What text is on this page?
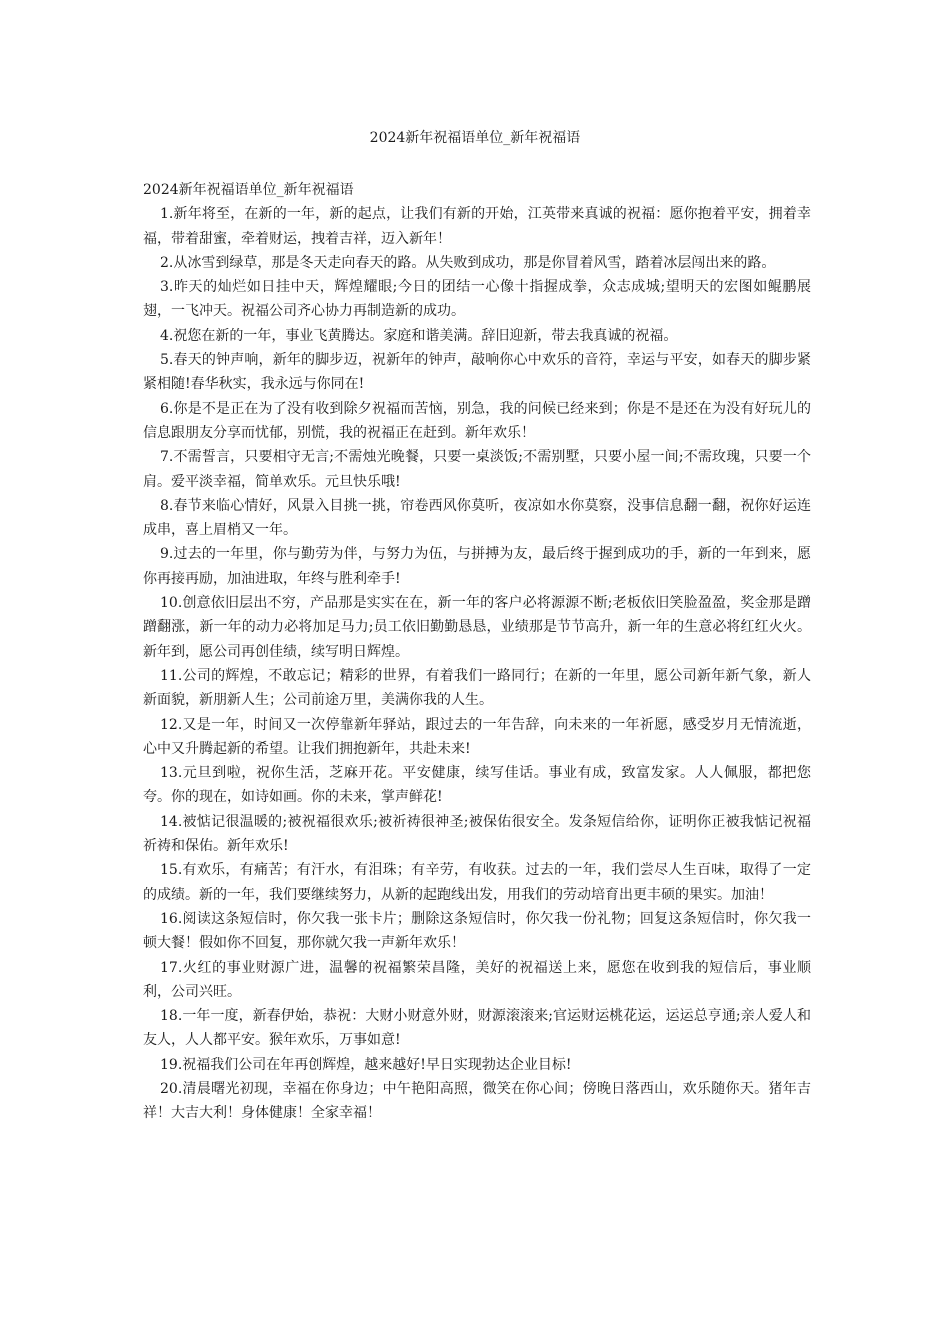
2024新年祝福语单位_新年祝福语

2024新年祝福语单位_新年祝福语

1.新年将至，在新的一年，新的起点，让我们有新的开始，江英带来真诚的祝福：愿你抱着平安，拥着幸福，带着甜蜜，牵着财运，拽着吉祥，迈入新年！

2.从冰雪到绿草，那是冬天走向春天的路。从失败到成功，那是你冒着风雪，踏着冰层闯出来的路。

3.昨天的灿烂如日挂中天，辉煌耀眼;今日的团结一心像十指握成拳，众志成城;望明天的宏图如鲲鹏展翅，一飞冲天。祝福公司齐心协力再制造新的成功。

4.祝您在新的一年，事业飞黄腾达。家庭和谐美满。辞旧迎新，带去我真诚的祝福。

5.春天的钟声响，新年的脚步迈，祝新年的钟声，敲响你心中欢乐的音符，幸运与平安，如春天的脚步紧紧相随!春华秋实，我永远与你同在!

6.你是不是正在为了没有收到除夕祝福而苦恼，别急，我的问候已经来到；你是不是还在为没有好玩儿的信息跟朋友分享而忧郁，别慌，我的祝福正在赶到。新年欢乐！

7.不需誓言，只要相守无言;不需烛光晚餐，只要一桌淡饭;不需别墅，只要小屋一间;不需玫瑰，只要一个肩。爱平淡幸福，简单欢乐。元旦快乐哦!

8.春节来临心情好，风景入目挑一挑，帘卷西风你莫听，夜凉如水你莫察，没事信息翻一翻，祝你好运连成串，喜上眉梢又一年。

9.过去的一年里，你与勤劳为伴，与努力为伍，与拼搏为友，最后终于握到成功的手，新的一年到来，愿你再接再励，加油进取，年终与胜利牵手!

10.创意依旧层出不穷，产品那是实实在在，新一年的客户必将源源不断;老板依旧笑脸盈盈，奖金那是蹭蹭翻涨，新一年的动力必将加足马力;员工依旧勤勤恳恳，业绩那是节节高升，新一年的生意必将红红火火。新年到，愿公司再创佳绩，续写明日辉煌。

11.公司的辉煌，不敢忘记；精彩的世界，有着我们一路同行；在新的一年里，愿公司新年新气象，新人新面貌，新朋新人生；公司前途万里，美满你我的人生。

12.又是一年，时间又一次停靠新年驿站，跟过去的一年告辞，向未来的一年祈愿，感受岁月无情流逝，心中又升腾起新的希望。让我们拥抱新年，共赴未来!

13.元旦到啦，祝你生活，芝麻开花。平安健康，续写佳话。事业有成，致富发家。人人佩服，都把您夸。你的现在，如诗如画。你的未来，掌声鲜花!

14.被惦记很温暖的;被祝福很欢乐;被祈祷很神圣;被保佑很安全。发条短信给你，证明你正被我惦记祝福祈祷和保佑。新年欢乐!

15.有欢乐，有痛苦；有汗水，有泪珠；有辛劳，有收获。过去的一年，我们尝尽人生百味，取得了一定的成绩。新的一年，我们要继续努力，从新的起跑线出发，用我们的劳动培育出更丰硕的果实。加油！

16.阅读这条短信时，你欠我一张卡片；删除这条短信时，你欠我一份礼物；回复这条短信时，你欠我一顿大餐！假如你不回复，那你就欠我一声新年欢乐！

17.火红的事业财源广进，温馨的祝福繁荣昌隆，美好的祝福送上来，愿您在收到我的短信后，事业顺利，公司兴旺。

18.一年一度，新春伊始，恭祝：大财小财意外财，财源滚滚来;官运财运桃花运，运运总亨通;亲人爱人和友人，人人都平安。猴年欢乐，万事如意!

19.祝福我们公司在年再创辉煌，越来越好!早日实现勃达企业目标!

20.清晨曙光初现，幸福在你身边；中午艳阳高照，微笑在你心间；傍晚日落西山，欢乐随你天。猪年吉祥！大吉大利！身体健康！全家幸福！
